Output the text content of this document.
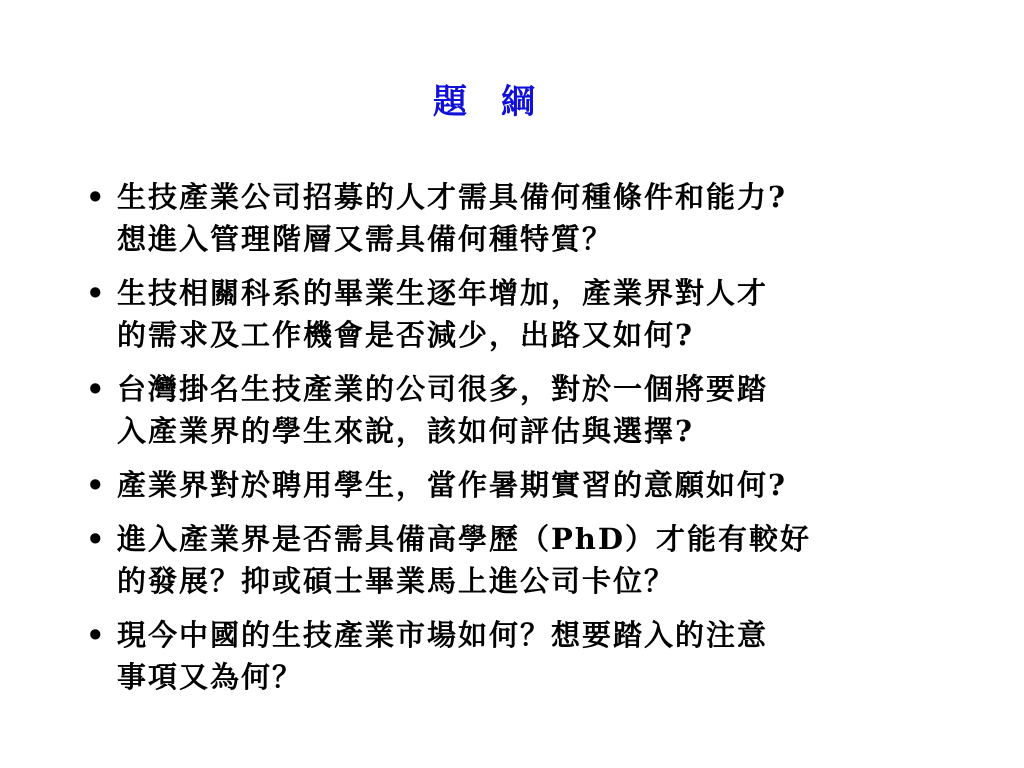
題　綱
• 生技產業公司招募的人才需具備何種條件和能力?
想進入管理階層又需具備何種特質？
• 生技相關科系的畢業生逐年增加，產業界對人才
的需求及工作機會是否減少，出路又如何?
• 台灣掛名生技產業的公司很多，對於一個將要踏
入產業界的學生來說，該如何評估與選擇?
• 產業界對於聘用學生，當作暑期實習的意願如何?
• 進入產業界是否需具備高學歷（PhD）才能有較好
的發展？抑或碩士畢業馬上進公司卡位？
• 現今中國的生技產業市場如何？想要踏入的注意
事項又為何？
